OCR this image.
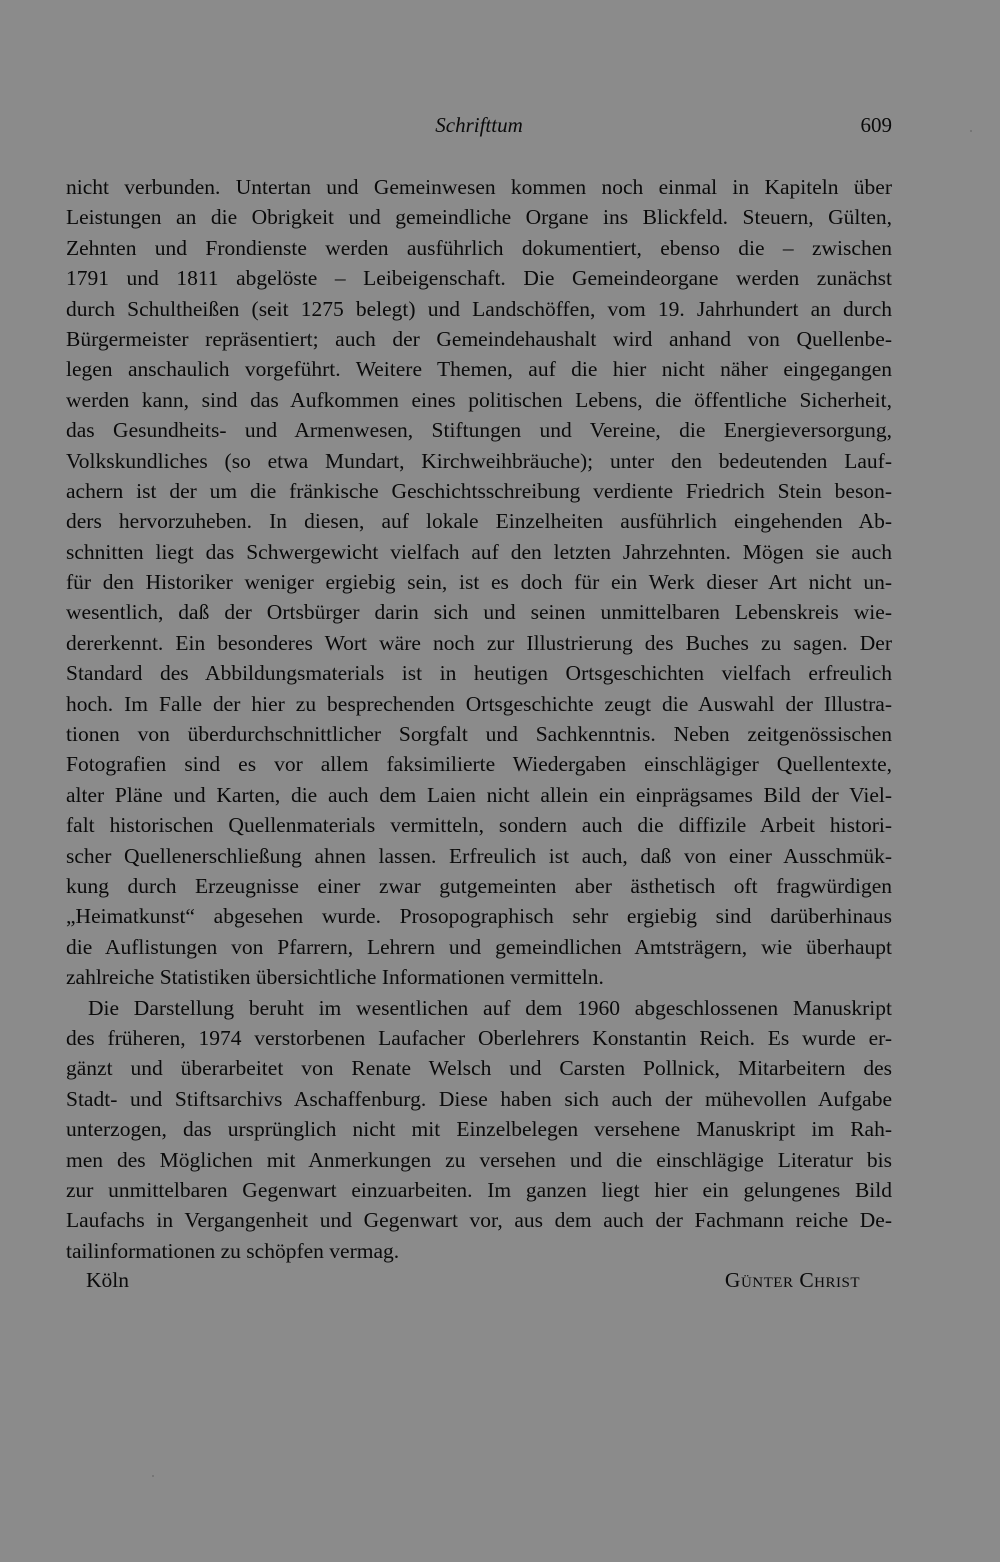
Schrifttum	609
nicht verbunden. Untertan und Gemeinwesen kommen noch einmal in Kapiteln über
Leistungen an die Obrigkeit und gemeindliche Organe ins Blickfeld. Steuern, Gülten,
Zehnten und Frondienste werden ausführlich dokumentiert, ebenso die – zwischen
1791 und 1811 abgelöste – Leibeigenschaft. Die Gemeindeorgane werden zunächst
durch Schultheißen (seit 1275 belegt) und Landschöffen, vom 19. Jahrhundert an durch
Bürgermeister repräsentiert; auch der Gemeindehaushalt wird anhand von Quellenbe-
legen anschaulich vorgeführt. Weitere Themen, auf die hier nicht näher eingegangen
werden kann, sind das Aufkommen eines politischen Lebens, die öffentliche Sicherheit,
das Gesundheits- und Armenwesen, Stiftungen und Vereine, die Energieversorgung,
Volkskundliches (so etwa Mundart, Kirchweihbräuche); unter den bedeutenden Lauf-
achern ist der um die fränkische Geschichtsschreibung verdiente Friedrich Stein beson-
ders hervorzuheben. In diesen, auf lokale Einzelheiten ausführlich eingehenden Ab-
schnitten liegt das Schwergewicht vielfach auf den letzten Jahrzehnten. Mögen sie auch
für den Historiker weniger ergiebig sein, ist es doch für ein Werk dieser Art nicht un-
wesentlich, daß der Ortsbürger darin sich und seinen unmittelbaren Lebenskreis wie-
dererkennt. Ein besonderes Wort wäre noch zur Illustrierung des Buches zu sagen. Der
Standard des Abbildungsmaterials ist in heutigen Ortsgeschichten vielfach erfreulich
hoch. Im Falle der hier zu besprechenden Ortsgeschichte zeugt die Auswahl der Illustra-
tionen von überdurchschnittlicher Sorgfalt und Sachkenntnis. Neben zeitgenössischen
Fotografien sind es vor allem faksimilierte Wiedergaben einschlägiger Quellentexte,
alter Pläne und Karten, die auch dem Laien nicht allein ein einprägsames Bild der Viel-
falt historischen Quellenmaterials vermitteln, sondern auch die diffizile Arbeit histori-
scher Quellenerschließung ahnen lassen. Erfreulich ist auch, daß von einer Ausschmük-
kung durch Erzeugnisse einer zwar gutgemeinten aber ästhetisch oft fragwürdigen
„Heimatkunst“ abgesehen wurde. Prosopographisch sehr ergiebig sind darüberhinaus
die Auflistungen von Pfarrern, Lehrern und gemeindlichen Amtsträgern, wie überhaupt
zahlreiche Statistiken übersichtliche Informationen vermitteln.
Die Darstellung beruht im wesentlichen auf dem 1960 abgeschlossenen Manuskript
des früheren, 1974 verstorbenen Laufacher Oberlehrers Konstantin Reich. Es wurde er-
gänzt und überarbeitet von Renate Welsch und Carsten Pollnick, Mitarbeitern des
Stadt- und Stiftsarchivs Aschaffenburg. Diese haben sich auch der mühevollen Aufgabe
unterzogen, das ursprünglich nicht mit Einzelbelegen versehene Manuskript im Rah-
men des Möglichen mit Anmerkungen zu versehen und die einschlägige Literatur bis
zur unmittelbaren Gegenwart einzuarbeiten. Im ganzen liegt hier ein gelungenes Bild
Laufachs in Vergangenheit und Gegenwart vor, aus dem auch der Fachmann reiche De-
tailinformationen zu schöpfen vermag.
Köln	Günter Christ
